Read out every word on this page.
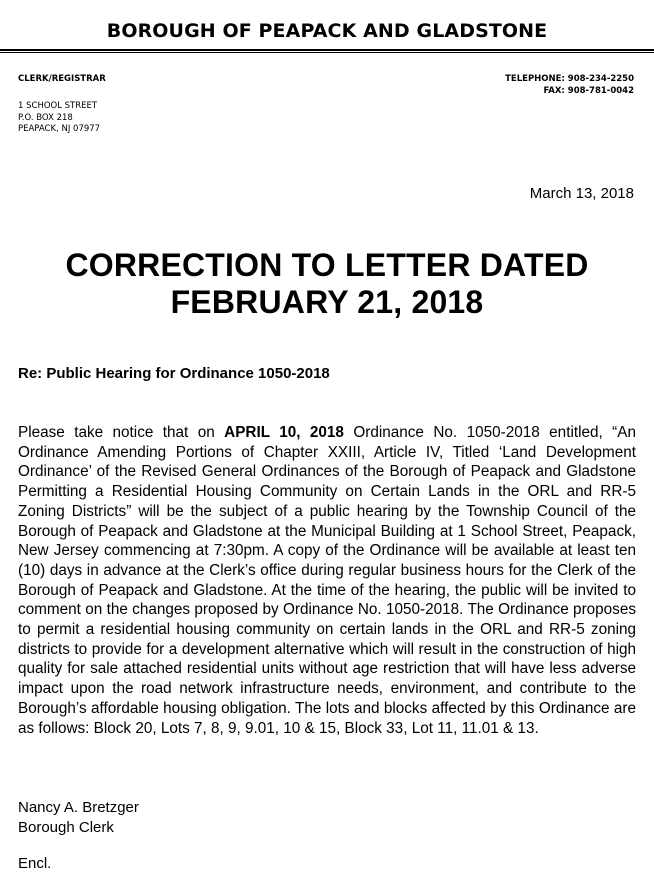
BOROUGH OF PEAPACK AND GLADSTONE
CLERK/REGISTRAR
1 SCHOOL STREET
P.O. BOX 218
PEAPACK, NJ 07977
TELEPHONE: 908-234-2250
FAX: 908-781-0042
March 13, 2018
CORRECTION TO LETTER DATED
FEBRUARY 21, 2018
Re: Public Hearing for Ordinance 1050-2018
Please take notice that on APRIL 10, 2018 Ordinance No. 1050-2018 entitled, “An Ordinance Amending Portions of Chapter XXIII, Article IV, Titled ‘Land Development Ordinance’ of the Revised General Ordinances of the Borough of Peapack and Gladstone Permitting a Residential Housing Community on Certain Lands in the ORL and RR-5 Zoning Districts” will be the subject of a public hearing by the Township Council of the Borough of Peapack and Gladstone at the Municipal Building at 1 School Street, Peapack, New Jersey commencing at 7:30pm. A copy of the Ordinance will be available at least ten (10) days in advance at the Clerk’s office during regular business hours for the Clerk of the Borough of Peapack and Gladstone. At the time of the hearing, the public will be invited to comment on the changes proposed by Ordinance No. 1050-2018. The Ordinance proposes to permit a residential housing community on certain lands in the ORL and RR-5 zoning districts to provide for a development alternative which will result in the construction of high quality for sale attached residential units without age restriction that will have less adverse impact upon the road network infrastructure needs, environment, and contribute to the Borough’s affordable housing obligation. The lots and blocks affected by this Ordinance are as follows: Block 20, Lots 7, 8, 9, 9.01, 10 & 15, Block 33, Lot 11, 11.01 & 13.
Nancy A. Bretzger
Borough Clerk
Encl.
